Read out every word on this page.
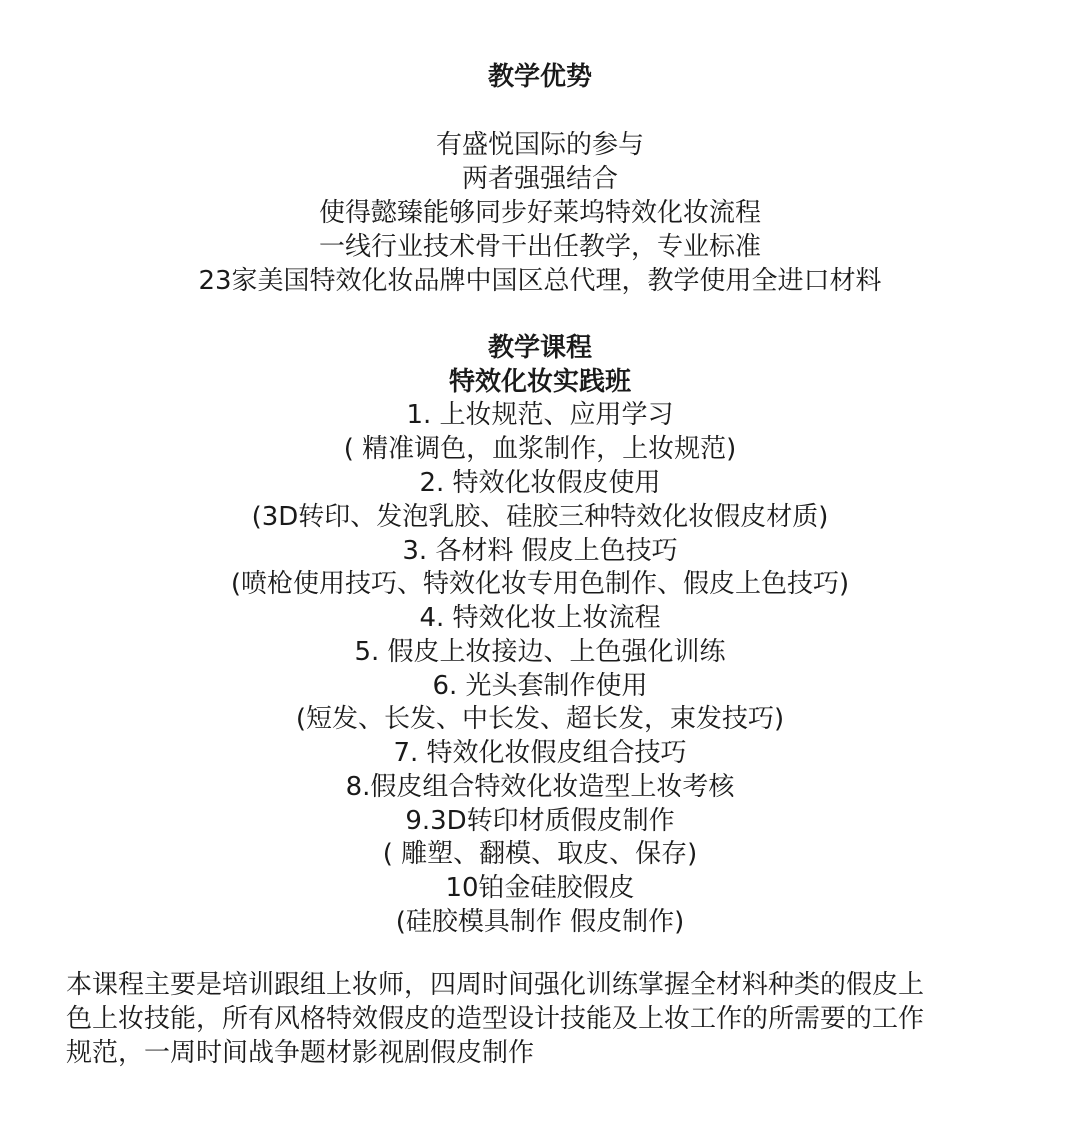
教学优势
有盛悦国际的参与
两者强强结合
使得懿臻能够同步好莱坞特效化妆流程
一线行业技术骨干出任教学，专业标准
23家美国特效化妆品牌中国区总代理，教学使用全进口材料
教学课程
特效化妆实践班
1. 上妆规范、应用学习
( 精准调色，血浆制作，上妆规范)
2. 特效化妆假皮使用
(3D转印、发泡乳胶、硅胶三种特效化妆假皮材质)
3. 各材料 假皮上色技巧
(喷枪使用技巧、特效化妆专用色制作、假皮上色技巧)
4. 特效化妆上妆流程
5. 假皮上妆接边、上色强化训练
6. 光头套制作使用
(短发、长发、中长发、超长发，束发技巧)
7. 特效化妆假皮组合技巧
8.假皮组合特效化妆造型上妆考核
9.3D转印材质假皮制作
( 雕塑、翻模、取皮、保存)
10铂金硅胶假皮
(硅胶模具制作 假皮制作)
本课程主要是培训跟组上妆师，四周时间强化训练掌握全材料种类的假皮上
色上妆技能，所有风格特效假皮的造型设计技能及上妆工作的所需要的工作
规范，一周时间战争题材影视剧假皮制作
